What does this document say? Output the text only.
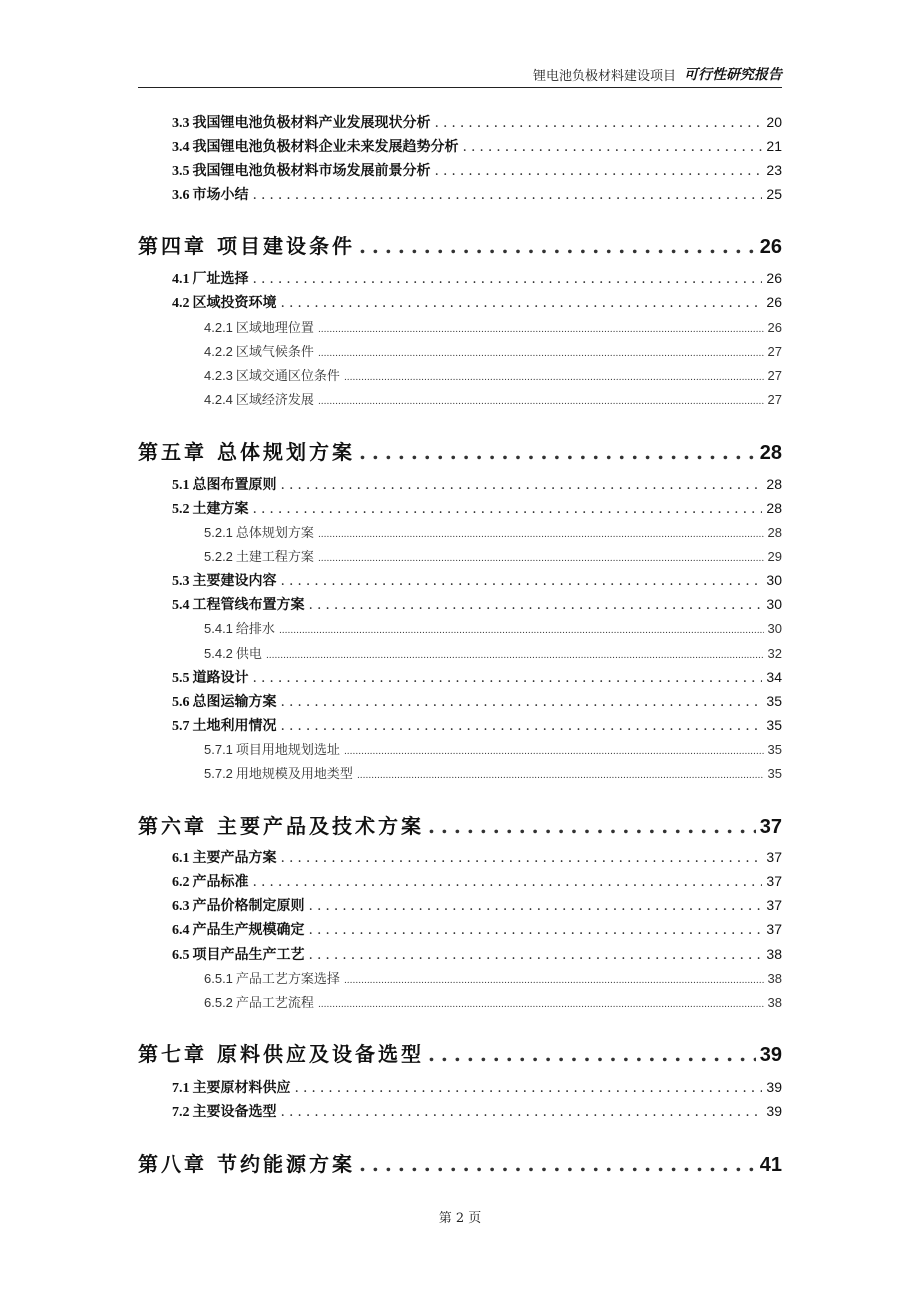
锂电池负极材料建设项目 可行性研究报告
3.3 我国锂电池负极材料产业发展现状分析 .....	20
3.4 我国锂电池负极材料企业未来发展趋势分析 .....	21
3.5 我国锂电池负极材料市场发展前景分析 .....	23
3.6 市场小结 .....	25
第四章 项目建设条件 .....	26
4.1 厂址选择 .....	26
4.2 区域投资环境 .....	26
4.2.1 区域地理位置 .....	26
4.2.2 区域气候条件 .....	27
4.2.3 区域交通区位条件 .....	27
4.2.4 区域经济发展 .....	27
第五章 总体规划方案 .....	28
5.1 总图布置原则 .....	28
5.2 土建方案 .....	28
5.2.1 总体规划方案 .....	28
5.2.2 土建工程方案 .....	29
5.3 主要建设内容 .....	30
5.4 工程管线布置方案 .....	30
5.4.1 给排水 .....	30
5.4.2 供电 .....	32
5.5 道路设计 .....	34
5.6 总图运输方案 .....	35
5.7 土地利用情况 .....	35
5.7.1 项目用地规划选址 .....	35
5.7.2 用地规模及用地类型 .....	35
第六章 主要产品及技术方案 .....	37
6.1 主要产品方案 .....	37
6.2 产品标准 .....	37
6.3 产品价格制定原则 .....	37
6.4 产品生产规模确定 .....	37
6.5 项目产品生产工艺 .....	38
6.5.1 产品工艺方案选择 .....	38
6.5.2 产品工艺流程 .....	38
第七章 原料供应及设备选型 .....	39
7.1 主要原材料供应 .....	39
7.2 主要设备选型 .....	39
第八章 节约能源方案 .....	41
第 2 页
